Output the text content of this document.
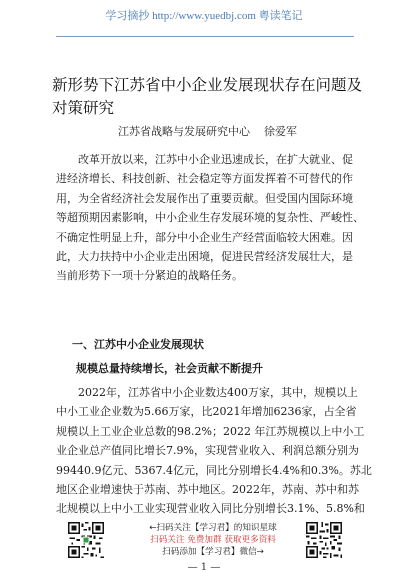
学习摘抄 http://www.yuedbj.com 粤读笔记
新形势下江苏省中小企业发展现状存在问题及
对策研究
江苏省战略与发展研究中心 徐爱军

改革开放以来，江苏中小企业迅速成长，在扩大就业、促
进经济增长、科技创新、社会稳定等方面发挥着不可替代的作
用，为全省经济社会发展作出了重要贡献。但受国内国际环境
等超预期因素影响，中小企业生存发展环境的复杂性、严峻性、
不确定性明显上升，部分中小企业生产经营面临较大困难。因
此，大力扶持中小企业走出困境，促进民营经济发展壮大，是
当前形势下一项十分紧迫的战略任务。

一、江苏中小企业发展现状
规模总量持续增长，社会贡献不断提升

2022年，江苏省中小企业数达400万家，其中，规模以上
中小工业企业数为5.66万家，比2021年增加6236家，占全省
规模以上工业企业总数的98.2%；2022 年江苏规模以上中小工
业企业总产值同比增长7.9%，实现营业收入、利润总额分别为
99440.9亿元、5367.4亿元，同比分别增长4.4%和0.3%。苏北
地区企业增速快于苏南、苏中地区。2022年，苏南、苏中和苏
北规模以上中小工业实现营业收入同比分别增长3.1%、5.8%和

←扫码关注【学习君】的知识星球
扫码关注 免费加群 获取更多资料
扫码添加【学习君】微信→
— 1 —
